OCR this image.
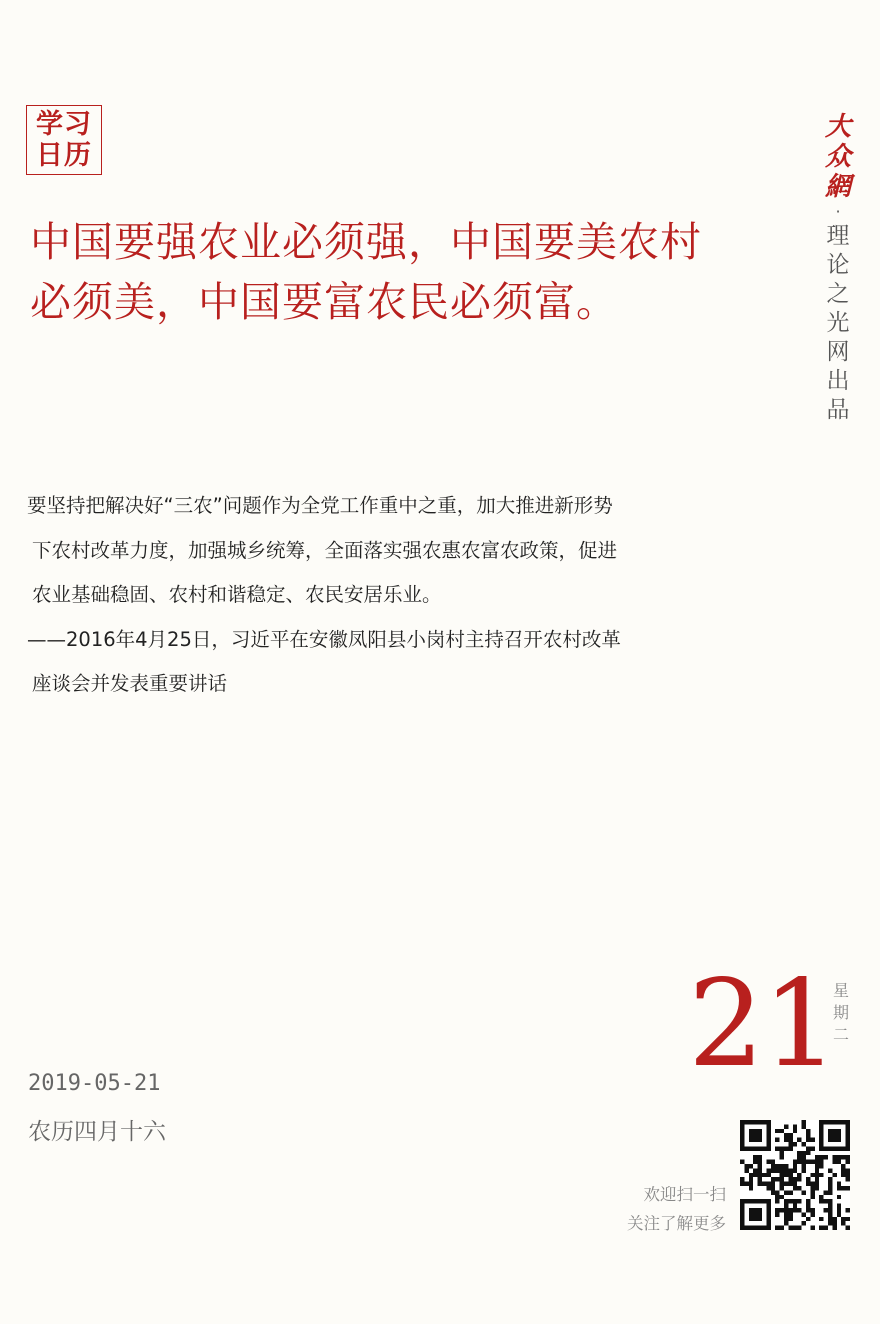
学习
日历
大
众
網
·
理
论
之
光
网
出
品
中国要强农业必须强，中国要美农村
必须美，中国要富农民必须富。
要坚持把解决好“三农”问题作为全党工作重中之重，加大推进新形势
下农村改革力度，加强城乡统筹，全面落实强农惠农富农政策，促进
农业基础稳固、农村和谐稳定、农民安居乐业。
——2016年4月25日，习近平在安徽凤阳县小岗村主持召开农村改革
座谈会并发表重要讲话
2019-05-21
农历四月十六
21
星
期
二
欢迎扫一扫
关注了解更多
